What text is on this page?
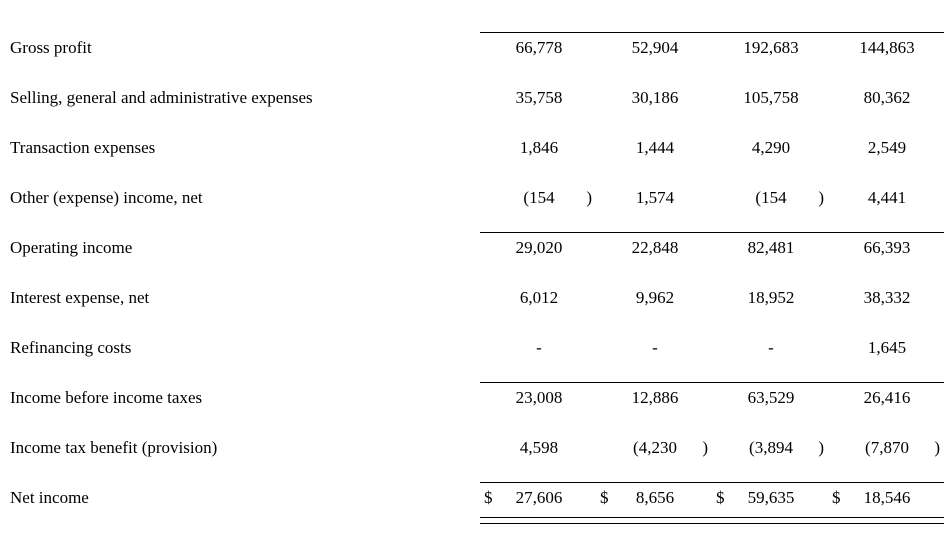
Gross profit	66,778	52,904	192,683	144,863

Selling, general and administrative expenses	35,758	30,186	105,758	80,362

Transaction expenses	1,846	1,444	4,290	2,549

Other (expense) income, net	(154 )	1,574	(154 )	4,441

Operating income	29,020	22,848	82,481	66,393

Interest expense, net	6,012	9,962	18,952	38,332

Refinancing costs	-	-	-	1,645

Income before income taxes	23,008	12,886	63,529	26,416

Income tax benefit (provision)	4,598	(4,230 )	(3,894 )	(7,870 )

Net income	$ 27,606	$ 8,656	$ 59,635	$ 18,546
